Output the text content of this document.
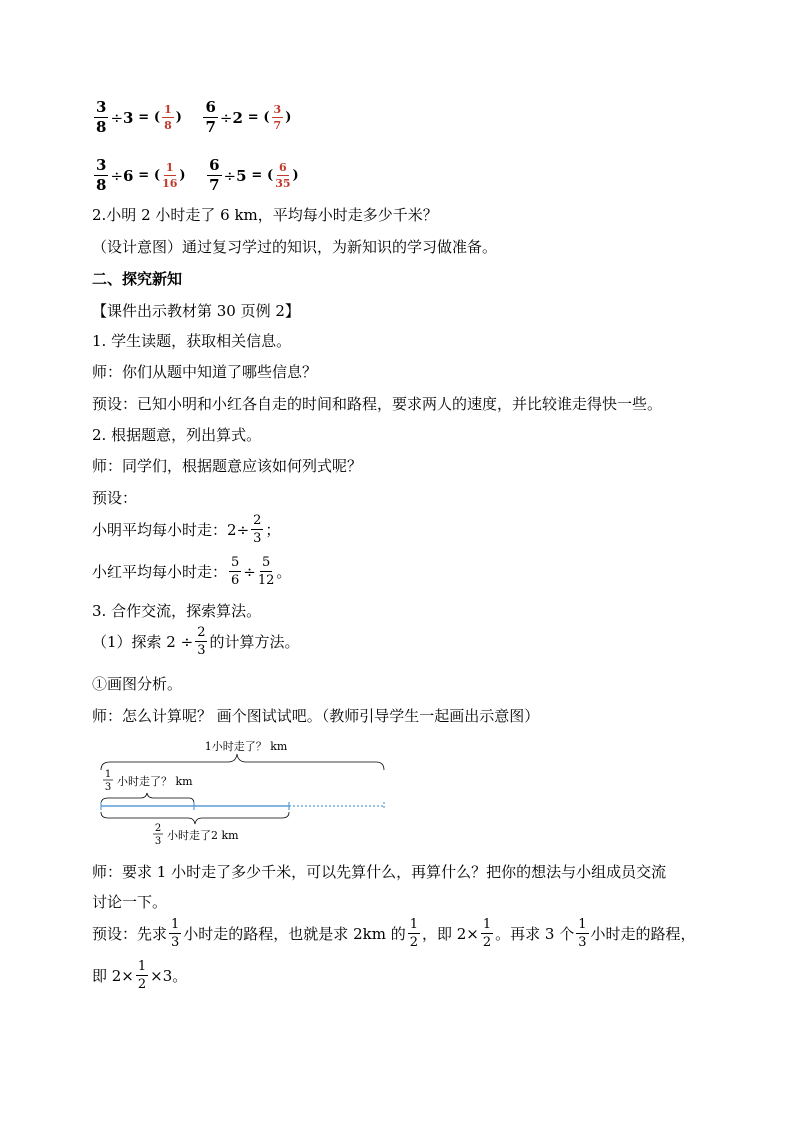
$\frac{3}{8} \div 3$ = ( $\frac{1}{8}$ ) $\frac{6}{7} \div 2$ = ( $\frac{3}{7}$ )
$\frac{3}{8} \div 6$ = ( $\frac{1}{16}$ ) $\frac{6}{7} \div 5$ = ( $\frac{6}{35}$ )
2.小明 2 小时走了 6 km，平均每小时走多少千米？
（设计意图）通过复习学过的知识，为新知识的学习做准备。
二、探究新知
【课件出示教材第 30 页例 2】
1. 学生读题，获取相关信息。
师：你们从题中知道了哪些信息？
预设：已知小明和小红各自走的时间和路程，要求两人的速度，并比较谁走得快一些。
2. 根据题意，列出算式。
师：同学们，根据题意应该如何列式呢？
预设：
小明平均每小时走：$2\div \frac{2}{3}$ ；
小红平均每小时走： $\frac{5}{6} \div \frac{5}{12}$ 。
3. 合作交流，探索算法。
（1）探索 $2 \div \frac{2}{3}$ 的计算方法。
①画图分析。
师：怎么计算呢？ 画个图试试吧。（教师引导学生一起画出示意图）
1小时走了？ km
1
3 小时走了？ km
2
3 小时走了2 km
师：要求 1 小时走了多少千米，可以先算什么，再算什么？把你的想法与小组成员交流
讨论一下。
预设：先求 $\frac{1}{3}$ 小时走的路程，也就是求 2km 的 $\frac{1}{2}$ ，即 $2\times \frac{1}{2}$ 。再求 3 个 $\frac{1}{3}$ 小时走的路程，
即 $2\times \frac{1}{2} \times 3$。
